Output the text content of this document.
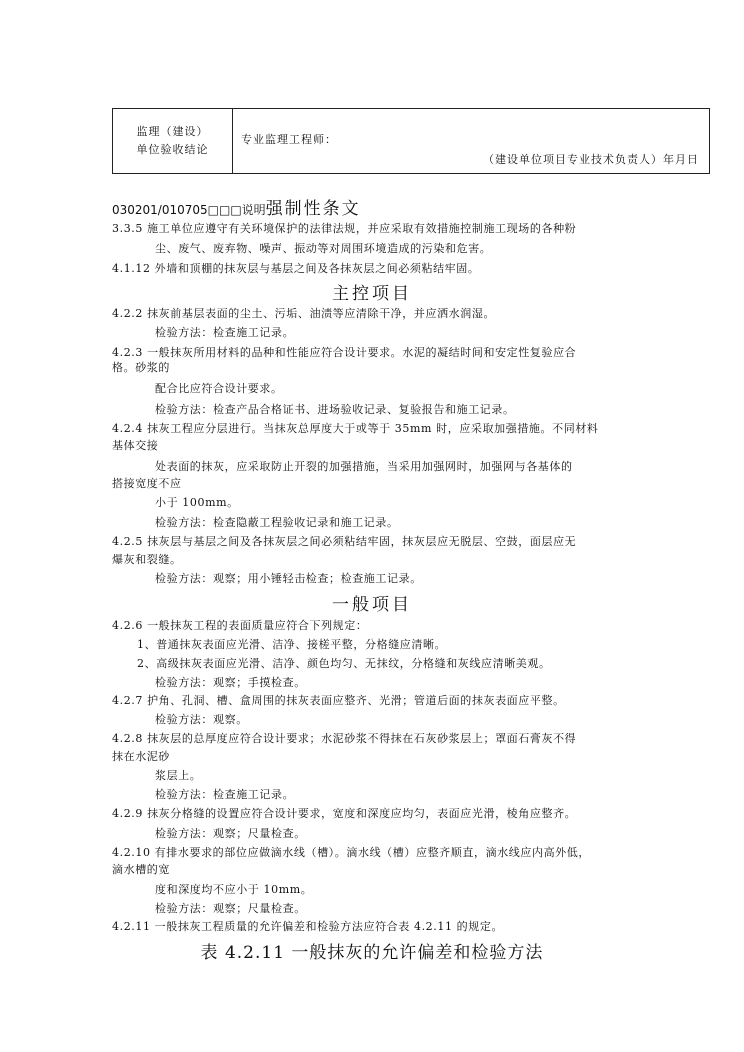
监理（建设）
单位验收结论
专业监理工程师：
（建设单位项目专业技术负责人）年月日
030201/010705□□□说明强制性条文
3.3.5 施工单位应遵守有关环境保护的法律法规，并应采取有效措施控制施工现场的各种粉
尘、废气、废弃物、噪声、振动等对周围环境造成的污染和危害。
4.1.12 外墙和顶棚的抹灰层与基层之间及各抹灰层之间必须粘结牢固。
主控项目
4.2.2 抹灰前基层表面的尘土、污垢、油渍等应清除干净，并应洒水润湿。
检验方法：检查施工记录。
4.2.3 一般抹灰所用材料的品种和性能应符合设计要求。水泥的凝结时间和安定性复验应合
格。砂浆的
配合比应符合设计要求。
检验方法：检查产品合格证书、进场验收记录、复验报告和施工记录。
4.2.4 抹灰工程应分层进行。当抹灰总厚度大于或等于 35mm 时，应采取加强措施。不同材料
基体交接
处表面的抹灰，应采取防止开裂的加强措施，当采用加强网时，加强网与各基体的
搭接宽度不应
小于 100mm。
检验方法：检查隐蔽工程验收记录和施工记录。
4.2.5 抹灰层与基层之间及各抹灰层之间必须粘结牢固，抹灰层应无脱层、空鼓，面层应无
爆灰和裂缝。
检验方法：观察；用小锤轻击检查；检查施工记录。
一般项目
4.2.6 一般抹灰工程的表面质量应符合下列规定：
1、普通抹灰表面应光滑、洁净、接槎平整，分格缝应清晰。
2、高级抹灰表面应光滑、洁净、颜色均匀、无抹纹，分格缝和灰线应清晰美观。
检验方法：观察；手摸检查。
4.2.7 护角、孔洞、槽、盒周围的抹灰表面应整齐、光滑；管道后面的抹灰表面应平整。
检验方法：观察。
4.2.8 抹灰层的总厚度应符合设计要求；水泥砂浆不得抹在石灰砂浆层上；罩面石膏灰不得
抹在水泥砂
浆层上。
检验方法：检查施工记录。
4.2.9 抹灰分格缝的设置应符合设计要求，宽度和深度应均匀，表面应光滑，棱角应整齐。
检验方法：观察；尺量检查。
4.2.10 有排水要求的部位应做滴水线（槽）。滴水线（槽）应整齐顺直，滴水线应内高外低，
滴水槽的宽
度和深度均不应小于 10mm。
检验方法：观察；尺量检查。
4.2.11 一般抹灰工程质量的允许偏差和检验方法应符合表 4.2.11 的规定。
表 4.2.11 一般抹灰的允许偏差和检验方法
